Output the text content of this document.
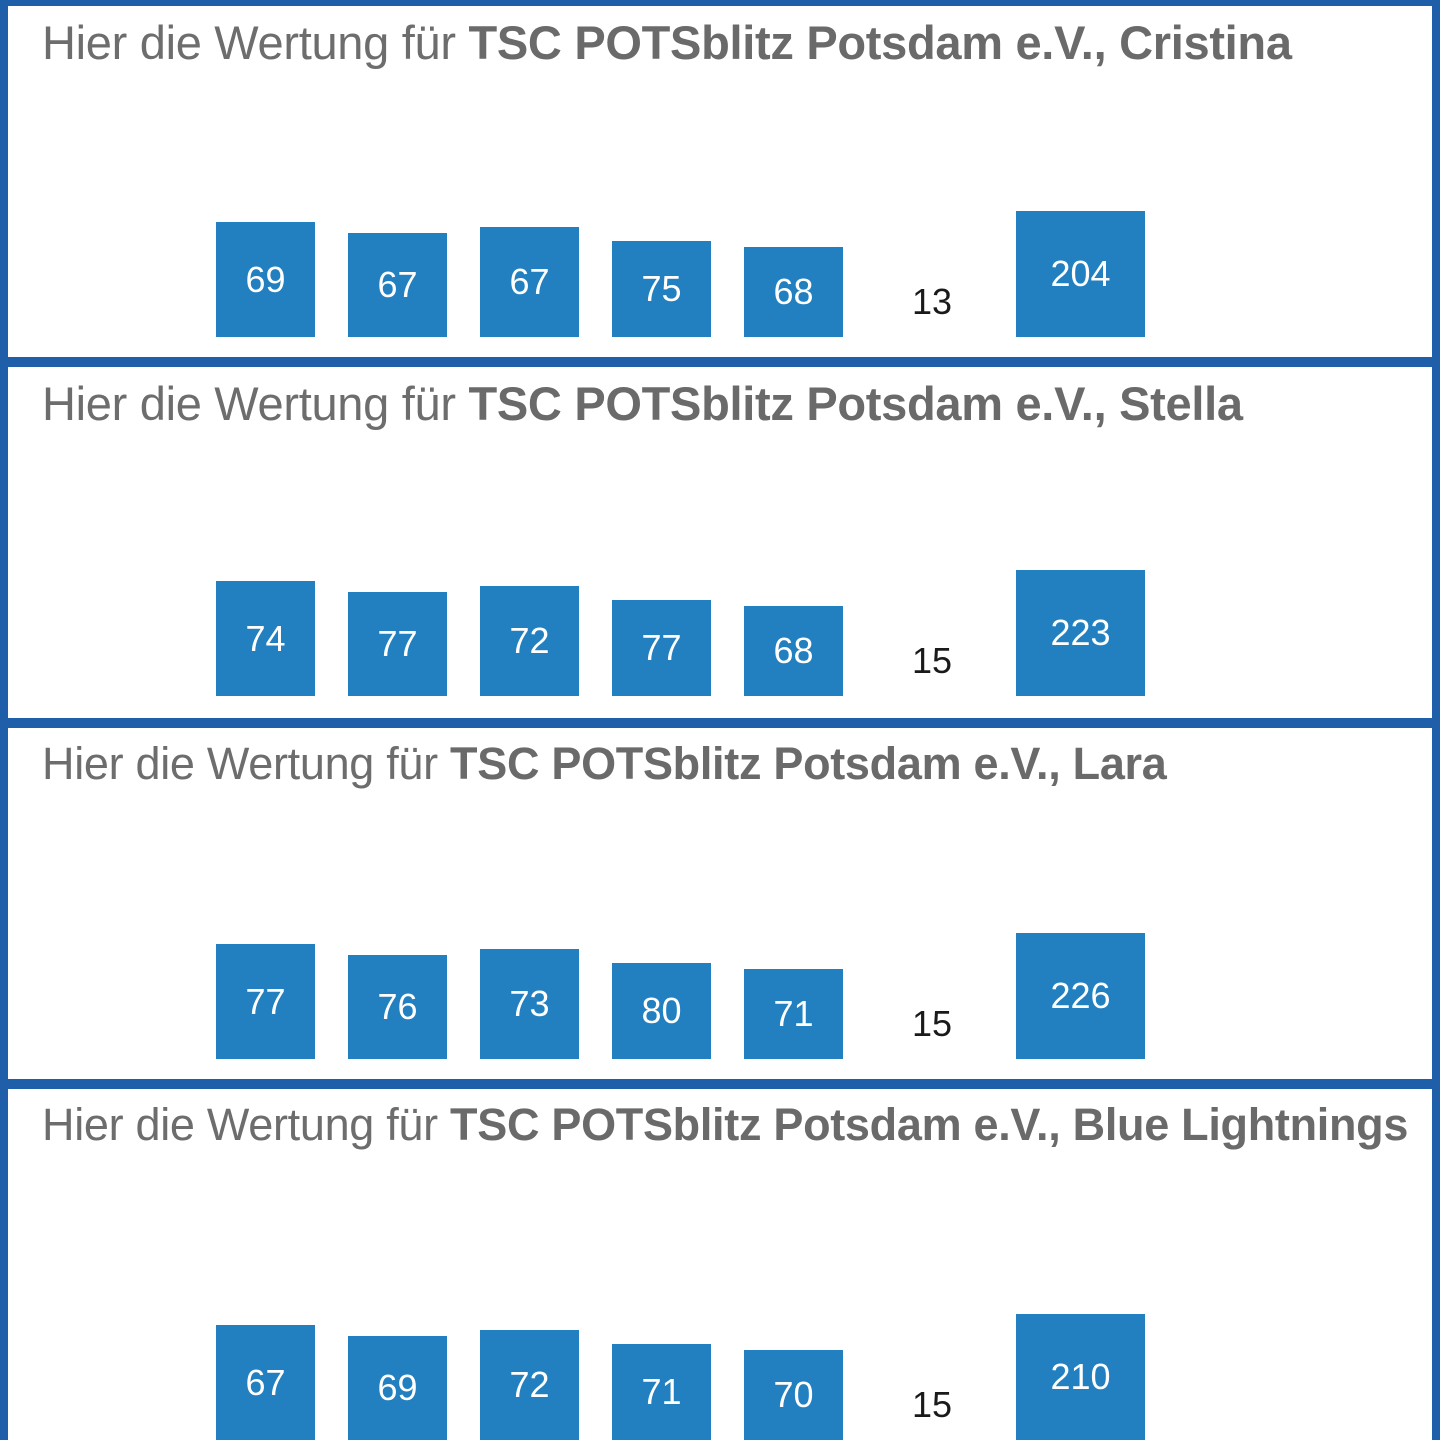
Hier die Wertung für TSC POTSblitz Potsdam e.V., Cristina
69	67	67	75	68	13
204
Hier die Wertung für TSC POTSblitz Potsdam e.V., Stella
74	77	72	77	68	15
223
Hier die Wertung für TSC POTSblitz Potsdam e.V., Lara
77	76	73	80	71	15
226
Hier die Wertung für TSC POTSblitz Potsdam e.V., Blue Lightnings
67	69	72	71	70	15
210
